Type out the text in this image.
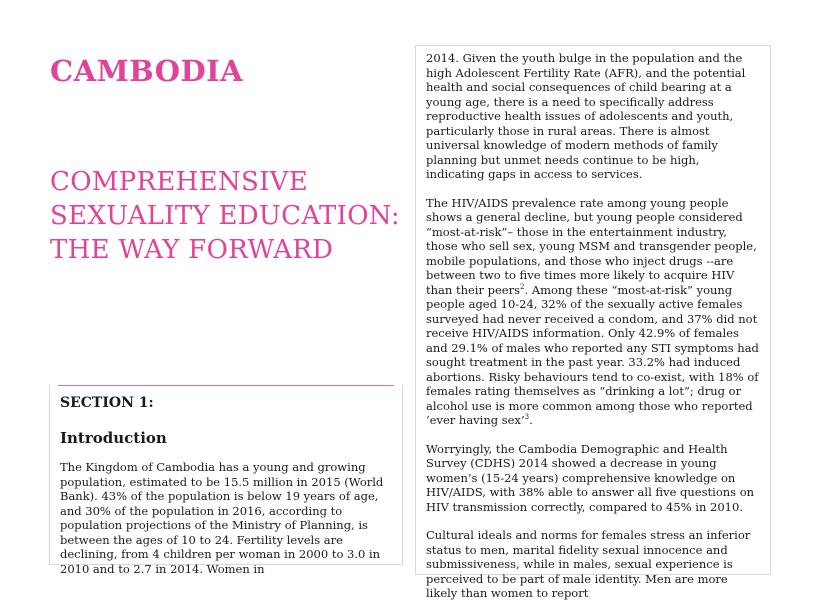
CAMBODIA
COMPREHENSIVE
SEXUALITY EDUCATION:
THE WAY FORWARD
SECTION 1:
Introduction
The Kingdom of Cambodia has a young and growing population, estimated to be 15.5 million in 2015 (World Bank). 43% of the population is below 19 years of age, and 30% of the population in 2016, according to population projections of the Ministry of Planning, is between the ages of 10 to 24. Fertility levels are declining, from 4 children per woman in 2000 to 3.0 in 2010 and to 2.7 in 2014. Women in

2014. Given the youth bulge in the population and the high Adolescent Fertility Rate (AFR), and the potential health and social consequences of child bearing at a young age, there is a need to specifically address reproductive health issues of adolescents and youth, particularly those in rural areas. There is almost universal knowledge of modern methods of family planning but unmet needs continue to be high, indicating gaps in access to services.

The HIV/AIDS prevalence rate among young people shows a general decline, but young people considered “most-at-risk”– those in the entertainment industry, those who sell sex, young MSM and transgender people, mobile populations, and those who inject drugs --are between two to five times more likely to acquire HIV than their peers$^2$. Among these “most-at-risk” young people aged 10-24, 32% of the sexually active females surveyed had never received a condom, and 37% did not receive HIV/AIDS information. Only 42.9% of females and 29.1% of males who reported any STI symptoms had sought treatment in the past year. 33.2% had induced abortions. Risky behaviours tend to co-exist, with 18% of females rating themselves as “drinking a lot”; drug or alcohol use is more common among those who reported ‘ever having sex’$^3$.

Worryingly, the Cambodia Demographic and Health Survey (CDHS) 2014 showed a decrease in young women’s (15-24 years) comprehensive knowledge on HIV/AIDS, with 38% able to answer all five questions on HIV transmission correctly, compared to 45% in 2010.

Cultural ideals and norms for females stress an inferior status to men, marital fidelity sexual innocence and submissiveness, while in males, sexual experience is perceived to be part of male identity. Men are more likely than women to report
